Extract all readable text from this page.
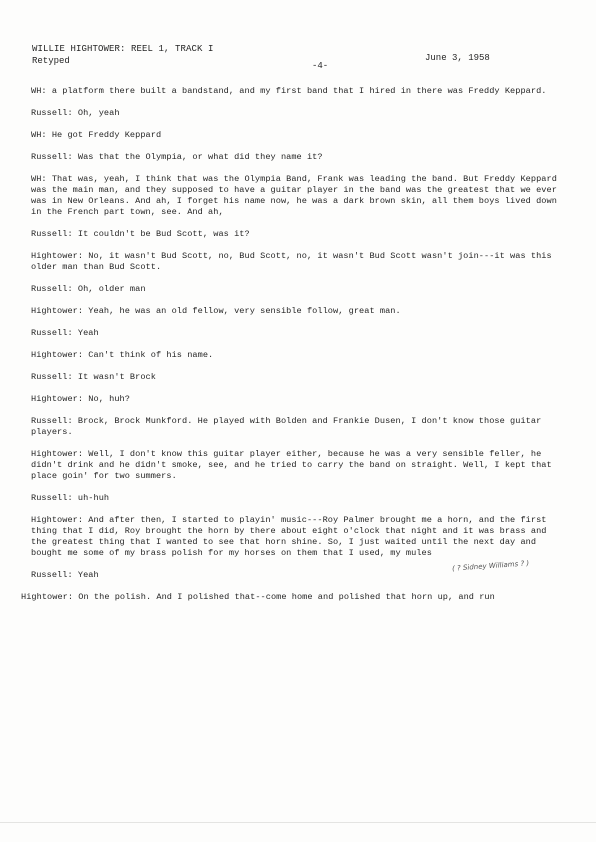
WILLIE HIGHTOWER: REEL 1, TRACK I
Retyped	-4-
June 3, 1958

WH: a platform there built a bandstand, and my first band that I hired in there was Freddy Keppard.

Russell: Oh, yeah

WH: He got Freddy Keppard

Russell: Was that the Olympia, or what did they name it?

WH: That was, yeah, I think that was the Olympia Band, Frank was leading the band. But Freddy Keppard was the main man, and they supposed to have a guitar player in the band was the greatest that we ever was in New Orleans. And ah, I forget his name now, he was a dark brown skin, all them boys lived down in the French part town, see. And ah,

Russell: It couldn't be Bud Scott, was it?

Hightower: No, it wasn't Bud Scott, no, Bud Scott, no, it wasn't Bud Scott wasn't join---it was this older man than Bud Scott.

Russell: Oh, older man

Hightower: Yeah, he was an old fellow, very sensible follow, great man.

Russell: Yeah

Hightower: Can't think of his name.

Russell: It wasn't Brock

Hightower: No, huh?

Russell: Brock, Brock Munkford. He played with Bolden and Frankie Dusen, I don't know those guitar players.

Hightower: Well, I don't know this guitar player either, because he was a very sensible feller, he didn't drink and he didn't smoke, see, and he tried to carry the band on straight. Well, I kept that place goin' for two summers.

Russell: uh-huh

Hightower: And after then, I started to playin' music---Roy Palmer brought me a horn, and the first thing that I did, Roy brought the horn by there about eight o'clock that night and it was brass and the greatest thing that I wanted to see that horn shine. So, I just waited until the next day and bought me some of my brass polish for my horses on them that I used, my mules

Russell: Yeah

Hightower: On the polish. And I polished that--come home and polished that horn up, and run

( ? Sidney Williams ? )
